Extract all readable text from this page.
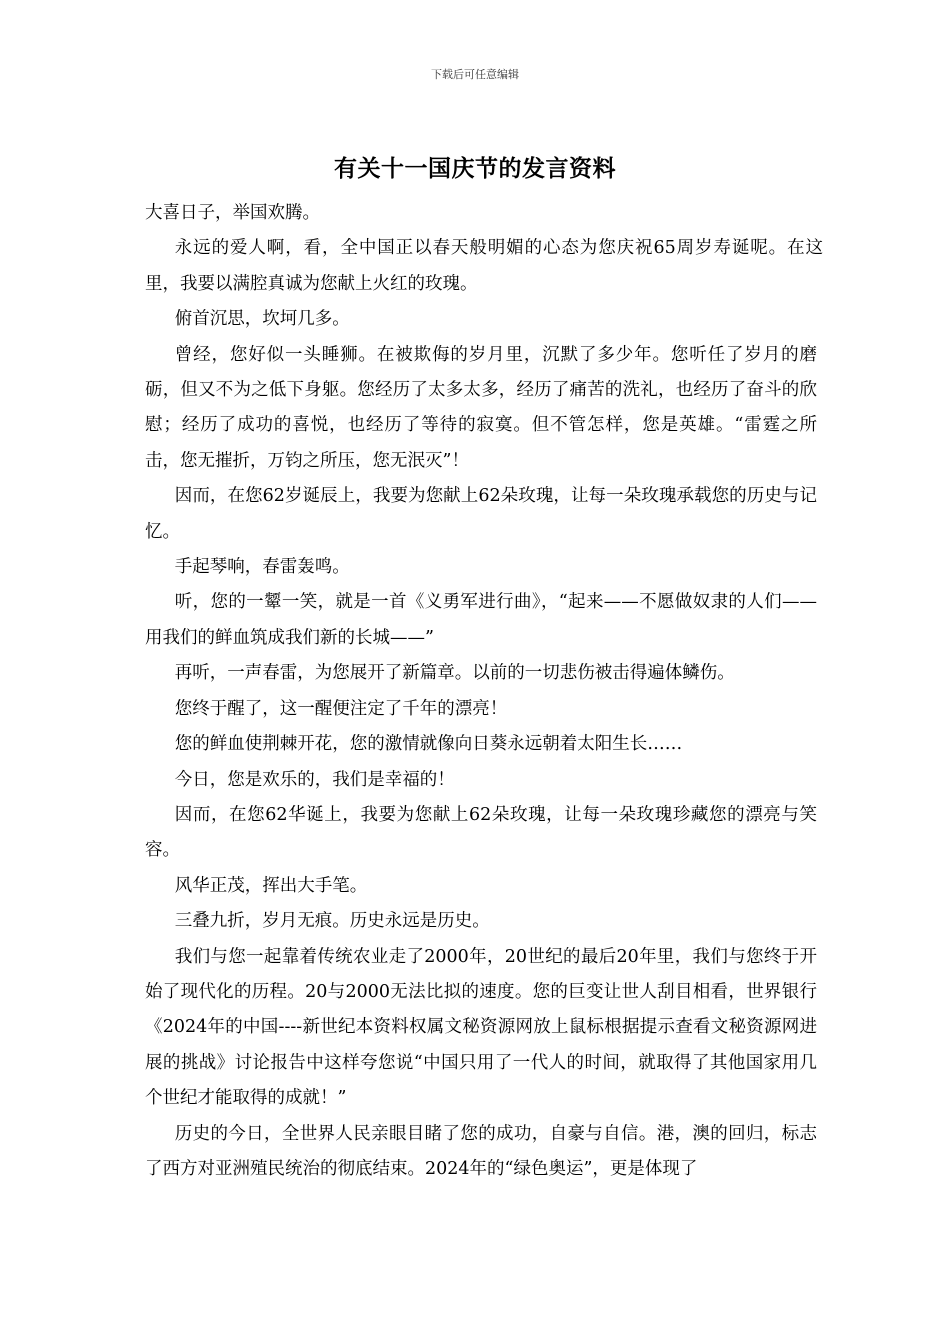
下载后可任意编辑
有关十一国庆节的发言资料

大喜日子，举国欢腾。

永远的爱人啊，看，全中国正以春天般明媚的心态为您庆祝65周岁寿诞呢。在这里，我要以满腔真诚为您献上火红的玫瑰。

俯首沉思，坎坷几多。

曾经，您好似一头睡狮。在被欺侮的岁月里，沉默了多少年。您听任了岁月的磨砺，但又不为之低下身躯。您经历了太多太多，经历了痛苦的洗礼，也经历了奋斗的欣慰；经历了成功的喜悦，也经历了等待的寂寞。但不管怎样，您是英雄。“雷霆之所击，您无摧折，万钧之所压，您无泯灭”！

因而，在您62岁诞辰上，我要为您献上62朵玫瑰，让每一朵玫瑰承载您的历史与记忆。

手起琴响，春雷轰鸣。

听，您的一颦一笑，就是一首《义勇军进行曲》，“起来——不愿做奴隶的人们——用我们的鲜血筑成我们新的长城——”

再听，一声春雷，为您展开了新篇章。以前的一切悲伤被击得遍体鳞伤。

您终于醒了，这一醒便注定了千年的漂亮！

您的鲜血使荆棘开花，您的激情就像向日葵永远朝着太阳生长……

今日，您是欢乐的，我们是幸福的！

因而，在您62华诞上，我要为您献上62朵玫瑰，让每一朵玫瑰珍藏您的漂亮与笑容。

风华正茂，挥出大手笔。

三叠九折，岁月无痕。历史永远是历史。

我们与您一起靠着传统农业走了2000年，20世纪的最后20年里，我们与您终于开始了现代化的历程。20与2000无法比拟的速度。您的巨变让世人刮目相看，世界银行《2024年的中国----新世纪本资料权属文秘资源网放上鼠标根据提示查看文秘资源网进展的挑战》讨论报告中这样夸您说“中国只用了一代人的时间，就取得了其他国家用几个世纪才能取得的成就！”

历史的今日，全世界人民亲眼目睹了您的成功，自豪与自信。港，澳的回归，标志了西方对亚洲殖民统治的彻底结束。2024年的“绿色奥运”，更是体现了
